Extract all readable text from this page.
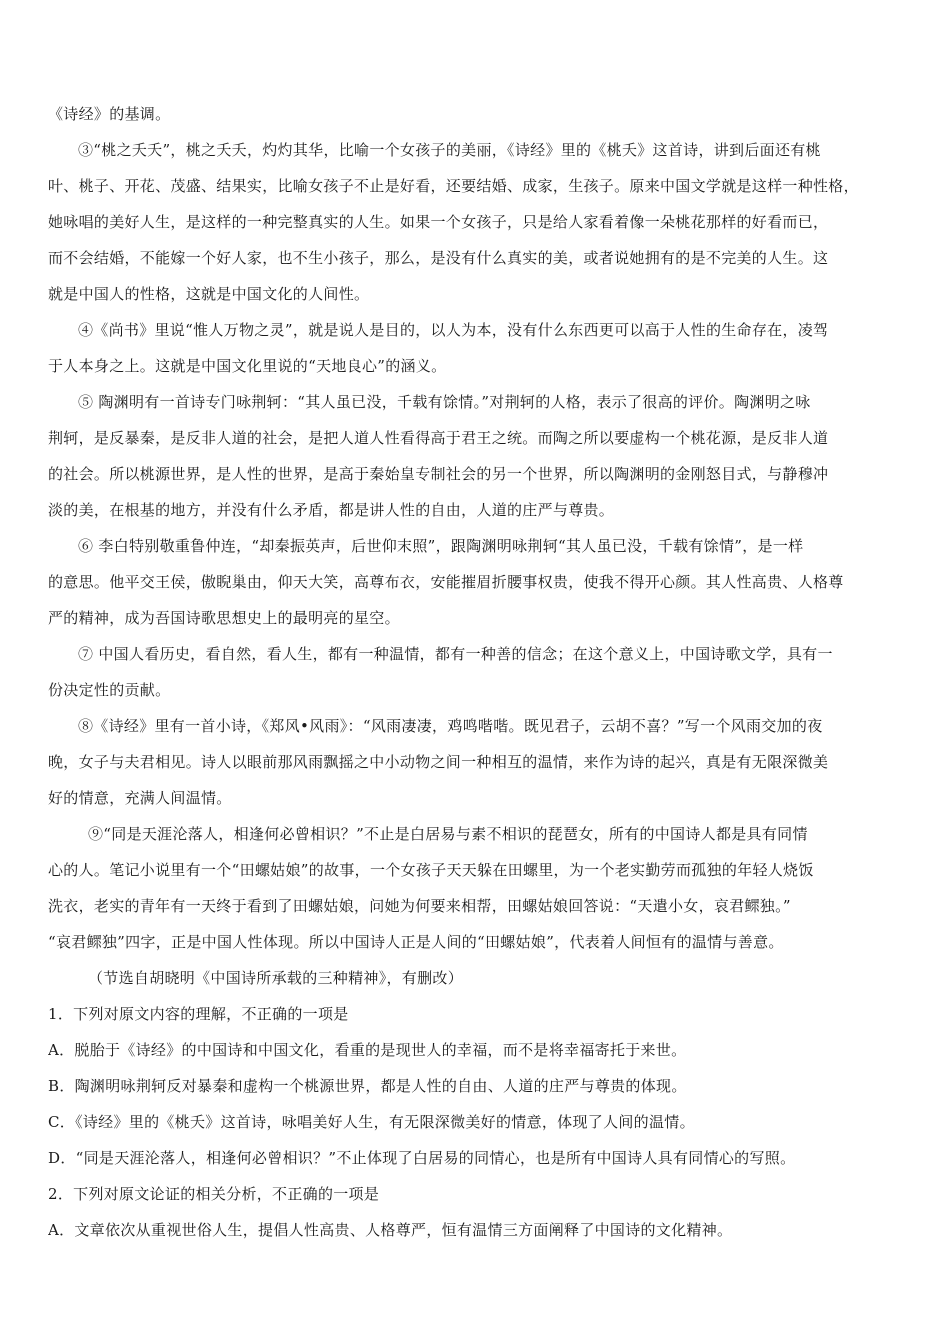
《诗经》的基调。
③“桃之夭夭”，桃之夭夭，灼灼其华，比喻一个女孩子的美丽，《诗经》里的《桃夭》这首诗，讲到后面还有桃
叶、桃子、开花、茂盛、结果实，比喻女孩子不止是好看，还要结婚、成家，生孩子。原来中国文学就是这样一种性格，
她咏唱的美好人生，是这样的一种完整真实的人生。如果一个女孩子，只是给人家看着像一朵桃花那样的好看而已，
而不会结婚，不能嫁一个好人家，也不生小孩子，那么，是没有什么真实的美，或者说她拥有的是不完美的人生。这
就是中国人的性格，这就是中国文化的人间性。
④《尚书》里说“惟人万物之灵”，就是说人是目的，以人为本，没有什么东西更可以高于人性的生命存在，凌驾
于人本身之上。这就是中国文化里说的“天地良心”的涵义。
⑤ 陶渊明有一首诗专门咏荆轲：“其人虽已没，千载有馀情。”对荆轲的人格，表示了很高的评价。陶渊明之咏
荆轲，是反暴秦，是反非人道的社会，是把人道人性看得高于君王之统。而陶之所以要虚构一个桃花源，是反非人道
的社会。所以桃源世界，是人性的世界，是高于秦始皇专制社会的另一个世界，所以陶渊明的金刚怒目式，与静穆冲
淡的美，在根基的地方，并没有什么矛盾，都是讲人性的自由，人道的庄严与尊贵。
⑥ 李白特别敬重鲁仲连，“却秦振英声，后世仰末照”，跟陶渊明咏荆轲“其人虽已没，千载有馀情”，是一样
的意思。他平交王侯，傲睨巢由，仰天大笑，高尊布衣，安能摧眉折腰事权贵，使我不得开心颜。其人性高贵、人格尊
严的精神，成为吾国诗歌思想史上的最明亮的星空。
⑦ 中国人看历史，看自然，看人生，都有一种温情，都有一种善的信念；在这个意义上，中国诗歌文学，具有一
份决定性的贡献。
⑧《诗经》里有一首小诗，《郑风•风雨》：“风雨凄凄，鸡鸣喈喈。既见君子，云胡不喜？”写一个风雨交加的夜
晚，女子与夫君相见。诗人以眼前那风雨飘摇之中小动物之间一种相互的温情，来作为诗的起兴，真是有无限深微美
好的情意，充满人间温情。
⑨“同是天涯沦落人，相逢何必曾相识？”不止是白居易与素不相识的琵琶女，所有的中国诗人都是具有同情
心的人。笔记小说里有一个“田螺姑娘”的故事，一个女孩子天天躲在田螺里，为一个老实勤劳而孤独的年轻人烧饭
洗衣，老实的青年有一天终于看到了田螺姑娘，问她为何要来相帮，田螺姑娘回答说：“天遣小女，哀君鳏独。”
“哀君鳏独”四字，正是中国人性体现。所以中国诗人正是人间的“田螺姑娘”，代表着人间恒有的温情与善意。
（节选自胡晓明《中国诗所承载的三种精神》，有删改）
1．下列对原文内容的理解，不正确的一项是
A．脱胎于《诗经》的中国诗和中国文化，看重的是现世人的幸福，而不是将幸福寄托于来世。
B．陶渊明咏荆轲反对暴秦和虚构一个桃源世界，都是人性的自由、人道的庄严与尊贵的体现。
C．《诗经》里的《桃夭》这首诗，咏唱美好人生，有无限深微美好的情意，体现了人间的温情。
D．“同是天涯沦落人，相逢何必曾相识？”不止体现了白居易的同情心，也是所有中国诗人具有同情心的写照。
2．下列对原文论证的相关分析，不正确的一项是
A．文章依次从重视世俗人生，提倡人性高贵、人格尊严，恒有温情三方面阐释了中国诗的文化精神。
